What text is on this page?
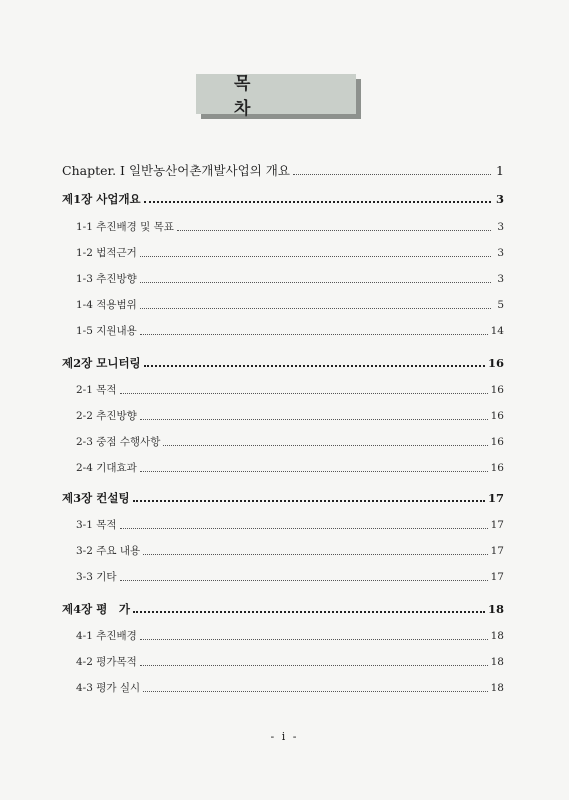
목 차
Chapter. Ⅰ 일반농산어촌개발사업의 개요	1
제1장 사업개요	3
1-1 추진배경 및 목표	3
1-2 법적근거	3
1-3 추진방향	3
1-4 적용범위	5
1-5 지원내용	14
제2장 모니터링	16
2-1 목적	16
2-2 추진방향	16
2-3 중점 수행사항	16
2-4 기대효과	16
제3장 컨설팅	17
3-1 목적	17
3-2 주요 내용	17
3-3 기타	17
제4장 평　가	18
4-1 추진배경	18
4-2 평가목적	18
4-3 평가 실시	18
- i -
